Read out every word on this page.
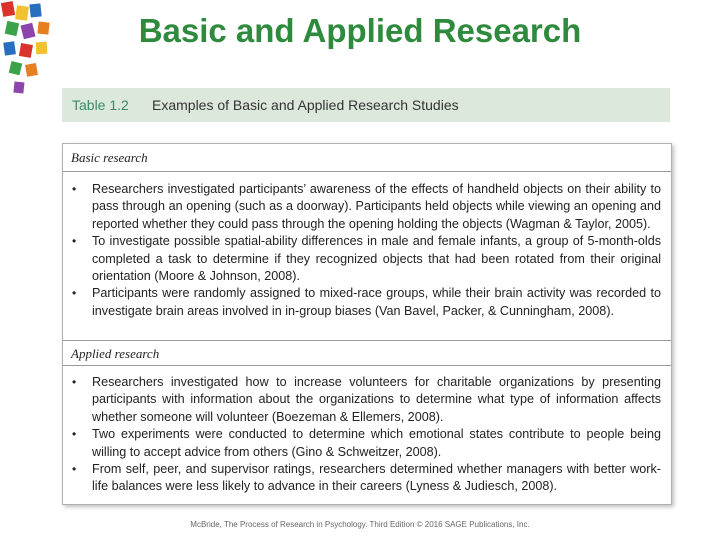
Basic and Applied Research
Table 1.2 Examples of Basic and Applied Research Studies
Basic research
• Researchers investigated participants’ awareness of the effects of handheld objects on their ability to pass through an opening (such as a doorway). Participants held objects while viewing an opening and reported whether they could pass through the opening holding the objects (Wagman & Taylor, 2005).
• To investigate possible spatial-ability differences in male and female infants, a group of 5-month-olds completed a task to determine if they recognized objects that had been rotated from their original orientation (Moore & Johnson, 2008).
• Participants were randomly assigned to mixed-race groups, while their brain activity was recorded to investigate brain areas involved in in-group biases (Van Bavel, Packer, & Cunningham, 2008).
Applied research
• Researchers investigated how to increase volunteers for charitable organizations by presenting participants with information about the organizations to determine what type of information affects whether someone will volunteer (Boezeman & Ellemers, 2008).
• Two experiments were conducted to determine which emotional states contribute to people being willing to accept advice from others (Gino & Schweitzer, 2008).
• From self, peer, and supervisor ratings, researchers determined whether managers with better work-life balances were less likely to advance in their careers (Lyness & Judiesch, 2008).
McBride, The Process of Research in Psychology. Third Edition © 2016 SAGE Publications, Inc.
